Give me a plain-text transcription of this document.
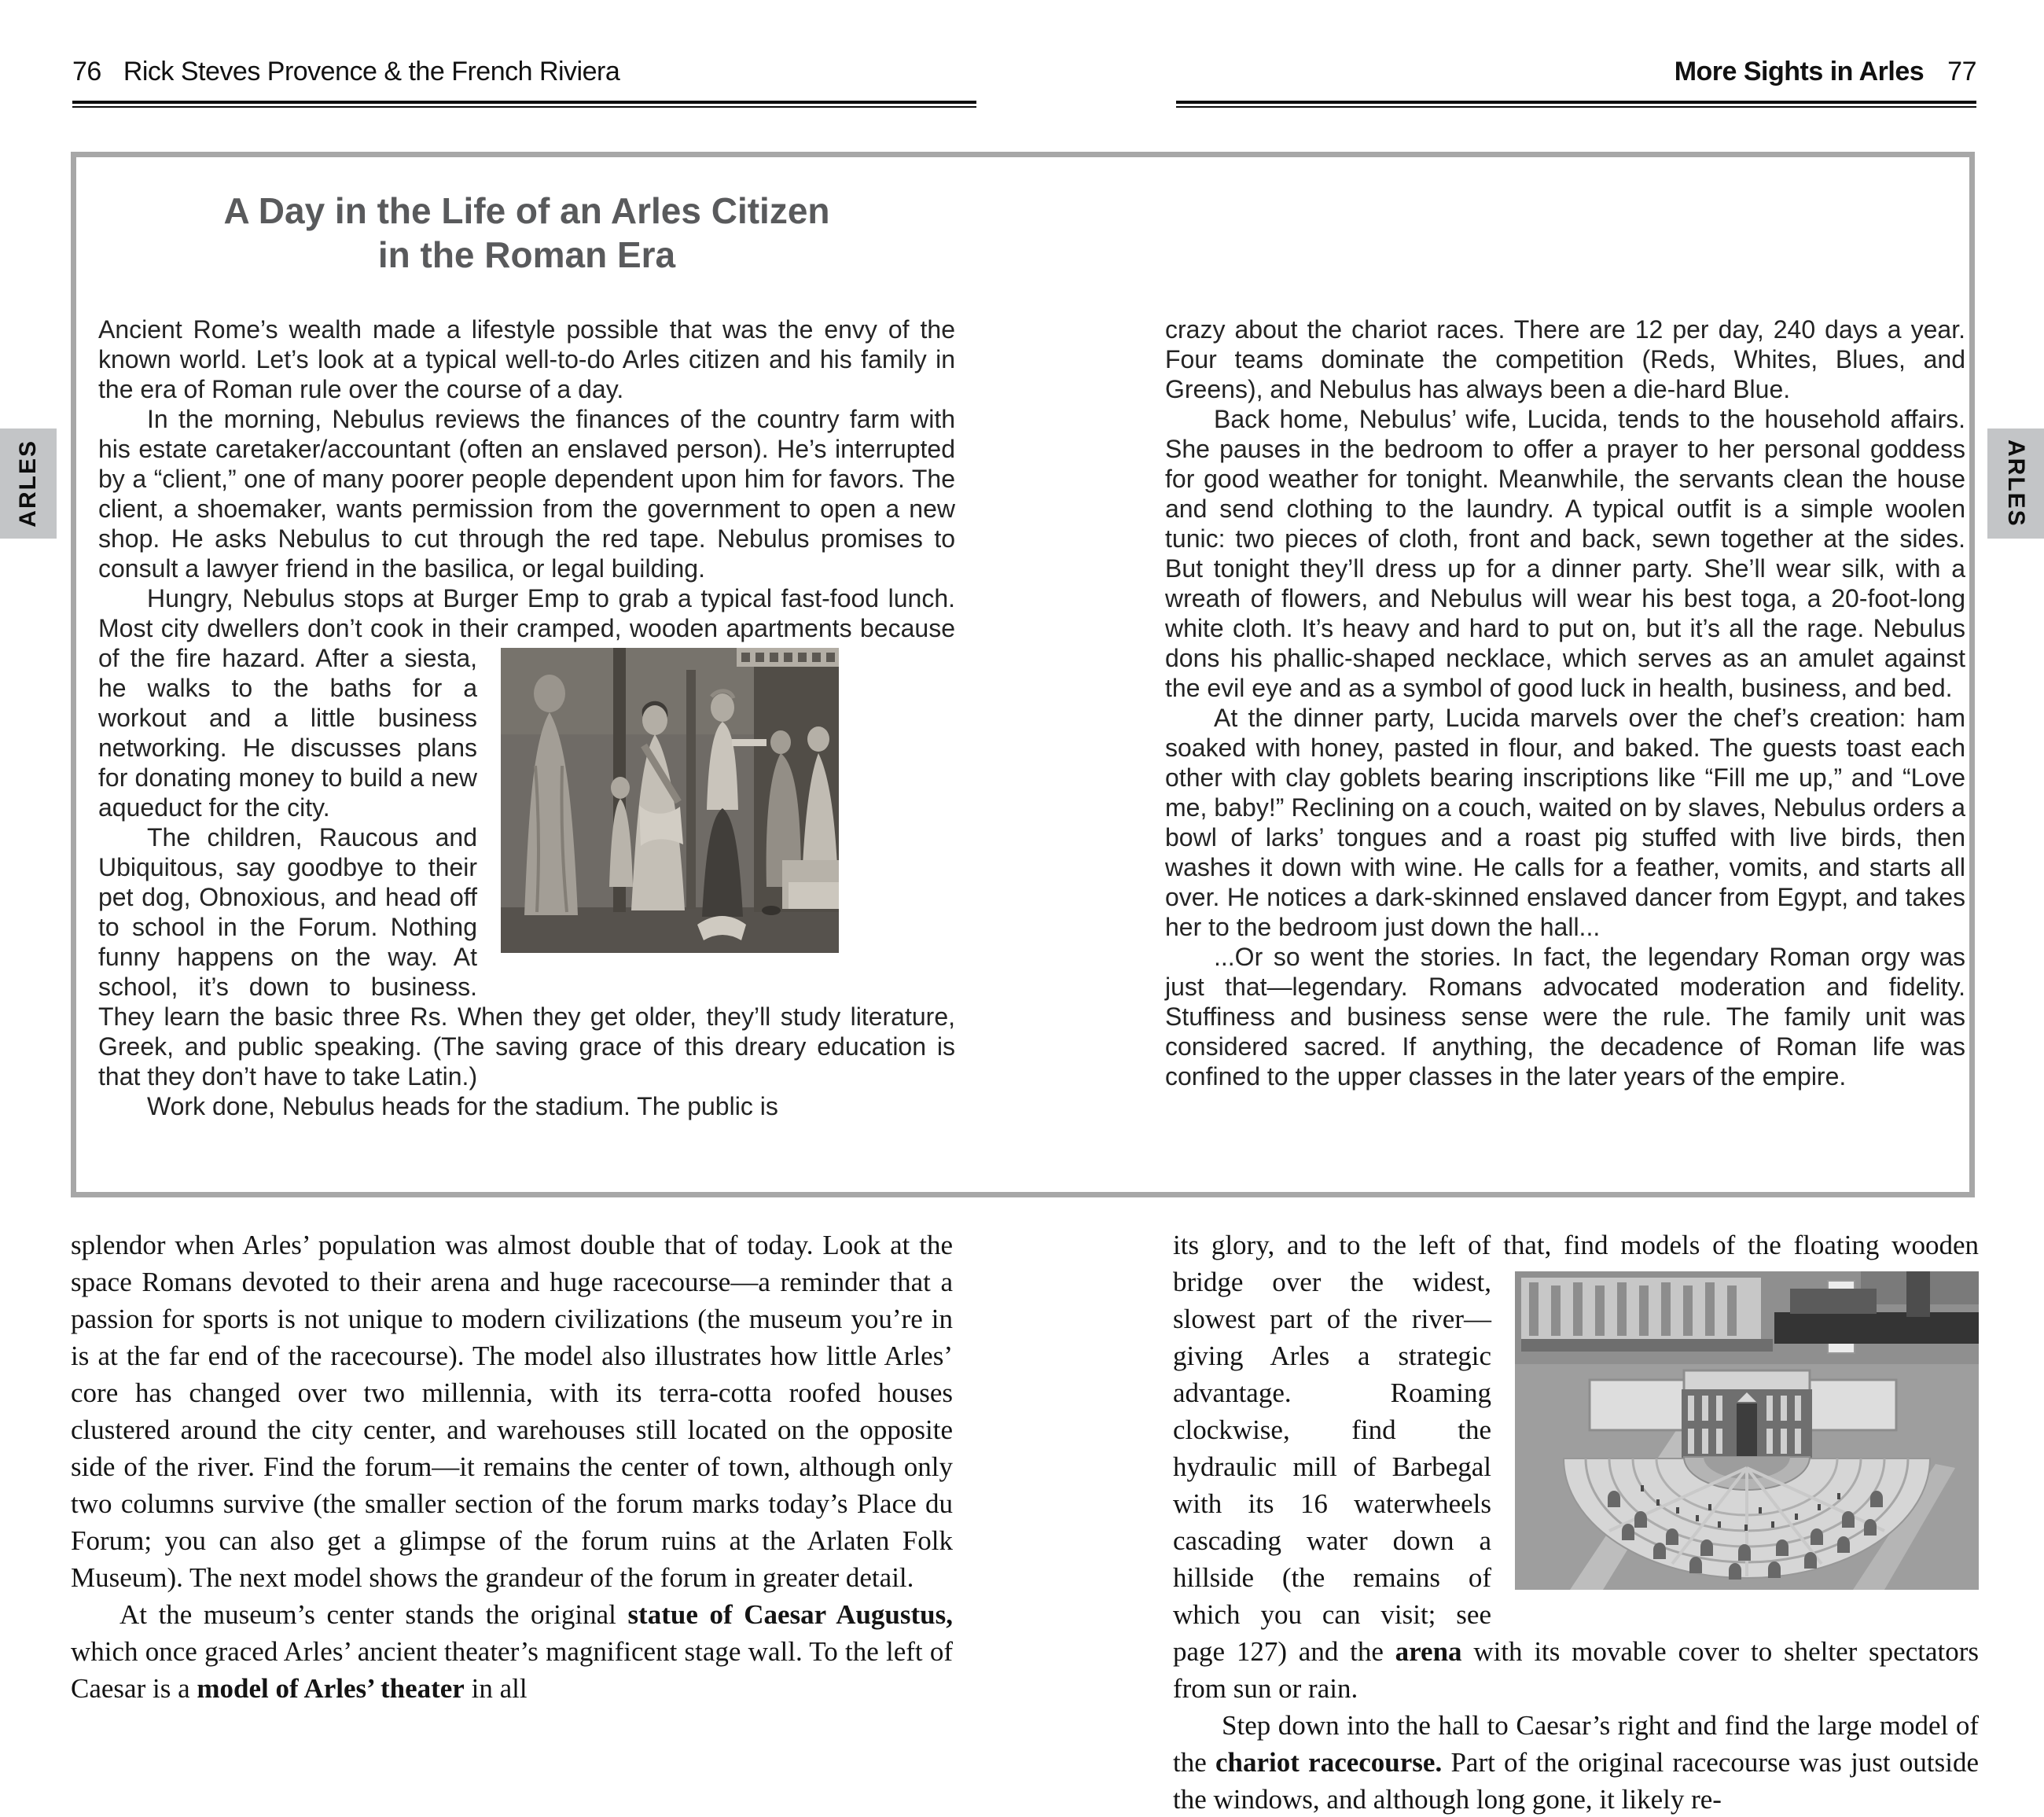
76 Rick Steves Provence & the French Riviera	More Sights in Arles 77
ARLES	ARLES
A Day in the Life of an Arles Citizen
in the Roman Era

Ancient Rome’s wealth made a lifestyle possible that was the envy of the known world. Let’s look at a typical well-to-do Arles citizen and his family in the era of Roman rule over the course of a day.

In the morning, Nebulus reviews the finances of the country farm with his estate caretaker/accountant (often an enslaved person). He’s interrupted by a “client,” one of many poorer people dependent upon him for favors. The client, a shoemaker, wants permission from the government to open a new shop. He asks Nebulus to cut through the red tape. Nebulus promises to consult a lawyer friend in the basilica, or legal building.

Hungry, Nebulus stops at Burger Emp to grab a typical fast-food lunch. Most city dwellers don’t cook in their cramped,
wooden apartments because of the fire hazard. After a siesta, he walks to the baths for a workout and a little business networking. He discusses plans for donating money to build a new aqueduct for the city.

The children, Raucous and Ubiquitous, say goodbye to their pet dog, Obnoxious, and head off to school in the Forum. Nothing funny happens on the way. At school, it’s down to business. They learn the basic three Rs. When they get older, they’ll study literature, Greek, and public speaking. (The saving grace of this dreary education is that they don’t have to take Latin.)

Work done, Nebulus heads for the stadium. The public is

crazy about the chariot races. There are 12 per day, 240 days a year. Four teams dominate the competition (Reds, Whites, Blues, and Greens), and Nebulus has always been a die-hard Blue.

Back home, Nebulus’ wife, Lucida, tends to the household affairs. She pauses in the bedroom to offer a prayer to her personal goddess for good weather for tonight. Meanwhile, the servants clean the house and send clothing to the laundry. A typical outfit is a simple woolen tunic: two pieces of cloth, front and back, sewn together at the sides. But tonight they’ll dress up for a dinner party. She’ll wear silk, with a wreath of flowers, and Nebulus will wear his best toga, a 20-foot-long white cloth. It’s heavy and hard to put on, but it’s all the rage. Nebulus dons his phallic-shaped necklace, which serves as an amulet against the evil eye and as a symbol of good luck in health, business, and bed.

At the dinner party, Lucida marvels over the chef’s creation: ham soaked with honey, pasted in flour, and baked. The guests toast each other with clay goblets bearing inscriptions like “Fill me up,” and “Love me, baby!” Reclining on a couch, waited on by slaves, Nebulus orders a bowl of larks’ tongues and a roast pig stuffed with live birds, then washes it down with wine. He calls for a feather, vomits, and starts all over. He notices a dark-skinned enslaved dancer from Egypt, and takes her to the bedroom just down the hall...

...Or so went the stories. In fact, the legendary Roman orgy was just that—legendary. Romans advocated moderation and fidelity. Stuffiness and business sense were the rule. The family unit was considered sacred. If anything, the decadence of Roman life was confined to the upper classes in the later years of the empire.

splendor when Arles’ population was almost double that of today. Look at the space Romans devoted to their arena and huge racecourse—a reminder that a passion for sports is not unique to modern civilizations (the museum you’re in is at the far end of the racecourse). The model also illustrates how little Arles’ core has changed over two millennia, with its terra-cotta roofed houses clustered around the city center, and warehouses still located on the opposite side of the river. Find the forum—it remains the center of town, although only two columns survive (the smaller section of the forum marks today’s Place du Forum; you can also get a glimpse of the forum ruins at the Arlaten Folk Museum). The next model shows the grandeur of the forum in greater detail.

At the museum’s center stands the original statue of Caesar Augustus, which once graced Arles’ ancient theater’s magnificent stage wall. To the left of Caesar is a model of Arles’ theater in all

its glory, and to the left of that, find models of the floating wooden
bridge over the widest, slowest part of the river—giving Arles a strategic advantage. Roaming clockwise, find the hydraulic mill of Barbegal with its 16 waterwheels cascading water down a hillside (the remains of which you can visit; see page 127) and the arena with its movable cover to shelter spectators from sun or rain.

Step down into the hall to Caesar’s right and find the large model of the chariot racecourse. Part of the original racecourse was just outside the windows, and although long gone, it likely re-
